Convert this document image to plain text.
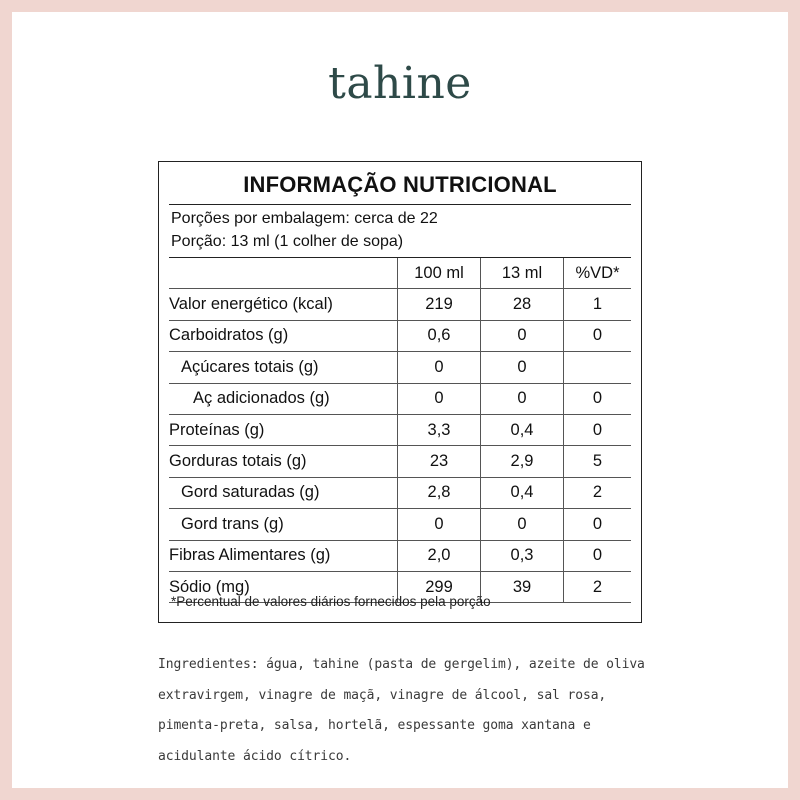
tahine
INFORMAÇÃO NUTRICIONAL
Porções por embalagem: cerca de 22
Porção: 13 ml (1 colher de sopa)
	100 ml	13 ml	%VD*
Valor energético (kcal)	219	28	1
Carboidratos (g)	0,6	0	0
Açúcares totais (g)	0	0	
Aç adicionados (g)	0	0	0
Proteínas (g)	3,3	0,4	0
Gorduras totais (g)	23	2,9	5
Gord saturadas (g)	2,8	0,4	2
Gord trans (g)	0	0	0
Fibras Alimentares (g)	2,0	0,3	0
Sódio (mg)	299	39	2
*Percentual de valores diários fornecidos pela porção
Ingredientes: água, tahine (pasta de gergelim), azeite de oliva
extravirgem, vinagre de maçã, vinagre de álcool, sal rosa,
pimenta-preta, salsa, hortelã, espessante goma xantana e
acidulante ácido cítrico.
